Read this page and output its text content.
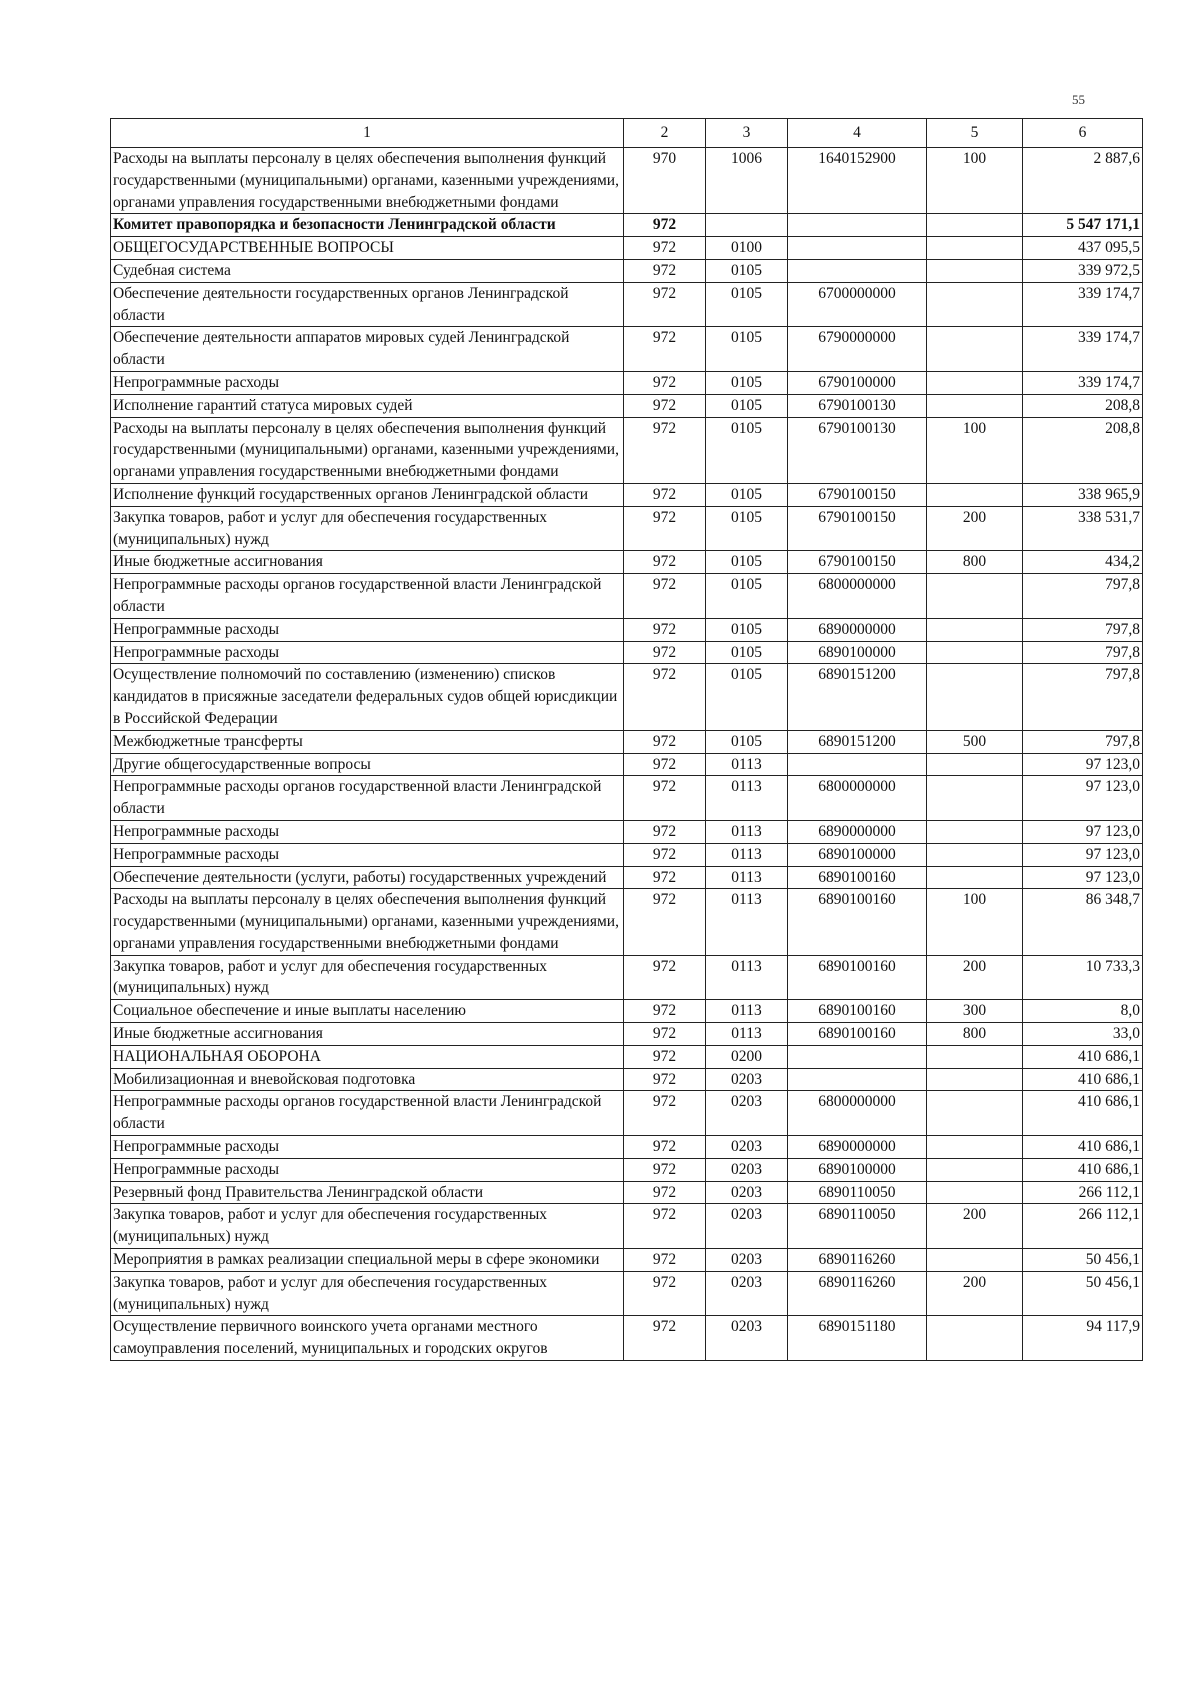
55
1	2	3	4	5	6
Расходы на выплаты персоналу в целях обеспечения выполнения функций государственными (муниципальными) органами, казенными учреждениями, органами управления государственными внебюджетными фондами	970	1006	1640152900	100	2 887,6
Комитет правопорядка и безопасности Ленинградской области	972				5 547 171,1
ОБЩЕГОСУДАРСТВЕННЫЕ ВОПРОСЫ	972	0100			437 095,5
Судебная система	972	0105			339 972,5
Обеспечение деятельности государственных органов Ленинградской области	972	0105	6700000000		339 174,7
Обеспечение деятельности аппаратов мировых судей Ленинградской области	972	0105	6790000000		339 174,7
Непрограммные расходы	972	0105	6790100000		339 174,7
Исполнение гарантий статуса мировых судей	972	0105	6790100130		208,8
Расходы на выплаты персоналу в целях обеспечения выполнения функций государственными (муниципальными) органами, казенными учреждениями, органами управления государственными внебюджетными фондами	972	0105	6790100130	100	208,8
Исполнение функций государственных органов Ленинградской области	972	0105	6790100150		338 965,9
Закупка товаров, работ и услуг для обеспечения государственных (муниципальных) нужд	972	0105	6790100150	200	338 531,7
Иные бюджетные ассигнования	972	0105	6790100150	800	434,2
Непрограммные расходы органов государственной власти Ленинградской области	972	0105	6800000000		797,8
Непрограммные расходы	972	0105	6890000000		797,8
Непрограммные расходы	972	0105	6890100000		797,8
Осуществление полномочий по составлению (изменению) списков кандидатов в присяжные заседатели федеральных судов общей юрисдикции в Российской Федерации	972	0105	6890151200		797,8
Межбюджетные трансферты	972	0105	6890151200	500	797,8
Другие общегосударственные вопросы	972	0113			97 123,0
Непрограммные расходы органов государственной власти Ленинградской области	972	0113	6800000000		97 123,0
Непрограммные расходы	972	0113	6890000000		97 123,0
Непрограммные расходы	972	0113	6890100000		97 123,0
Обеспечение деятельности (услуги, работы) государственных учреждений	972	0113	6890100160		97 123,0
Расходы на выплаты персоналу в целях обеспечения выполнения функций государственными (муниципальными) органами, казенными учреждениями, органами управления государственными внебюджетными фондами	972	0113	6890100160	100	86 348,7
Закупка товаров, работ и услуг для обеспечения государственных (муниципальных) нужд	972	0113	6890100160	200	10 733,3
Социальное обеспечение и иные выплаты населению	972	0113	6890100160	300	8,0
Иные бюджетные ассигнования	972	0113	6890100160	800	33,0
НАЦИОНАЛЬНАЯ ОБОРОНА	972	0200			410 686,1
Мобилизационная и вневойсковая подготовка	972	0203			410 686,1
Непрограммные расходы органов государственной власти Ленинградской области	972	0203	6800000000		410 686,1
Непрограммные расходы	972	0203	6890000000		410 686,1
Непрограммные расходы	972	0203	6890100000		410 686,1
Резервный фонд Правительства Ленинградской области	972	0203	6890110050		266 112,1
Закупка товаров, работ и услуг для обеспечения государственных (муниципальных) нужд	972	0203	6890110050	200	266 112,1
Мероприятия в рамках реализации специальной меры в сфере экономики	972	0203	6890116260		50 456,1
Закупка товаров, работ и услуг для обеспечения государственных (муниципальных) нужд	972	0203	6890116260	200	50 456,1
Осуществление первичного воинского учета органами местного самоуправления поселений, муниципальных и городских округов	972	0203	6890151180		94 117,9
